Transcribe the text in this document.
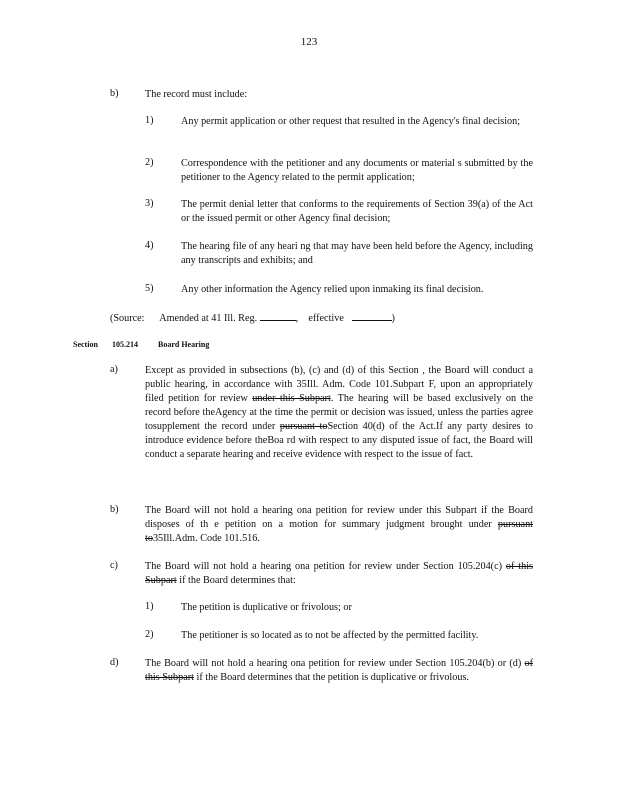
123
b)	The record must include:
1)	Any permit application or other request that resulted in the Agency's final decision;
2)	Correspondence with the petitioner and any documents or material s submitted by the petitioner to the Agency related to the permit application;
3)	The permit denial letter that conforms to the requirements of Section 39(a) of the Act or the issued permit or other Agency final decision;
4)	The hearing file of any heari ng that may have been held before the Agency, including any transcripts and exhibits; and
5)	Any other information the Agency relied upon inmaking its final decision.
(Source: Amended at 41 Ill. Reg.	,    effective	)
Section 105.214	Board Hearing
a)	Except as provided in subsections (b), (c) and (d) of this Section , the Board will conduct a public hearing, in accordance with 35Ill. Adm. Code 101.Subpart F, upon an appropriately filed petition for review under this Subpart. The hearing will be based exclusively on the record before theAgency at the time the permit or decision was issued, unless the parties agree tosupplement the record under pursuant toSection 40(d) of the Act.If any party desires to introduce evidence before theBoa rd with respect to any disputed issue of fact, the Board will conduct a separate hearing and receive evidence with respect to the issue of fact.
b)	The Board will not hold a hearing ona petition for review under this Subpart if the Board disposes of th e petition on a motion for summary judgment brought under pursuant to35Ill.Adm. Code 101.516.
c)	The Board will not hold a hearing ona petition for review under Section 105.204(c) of this Subpart if the Board determines that:
1)	The petition is duplicative or frivolous; or
2)	The petitioner is so located as to not be affected by the permitted facility.
d)	The Board will not hold a hearing ona petition for review under Section 105.204(b) or (d) of this Subpart if the Board determines that the petition is duplicative or frivolous.
